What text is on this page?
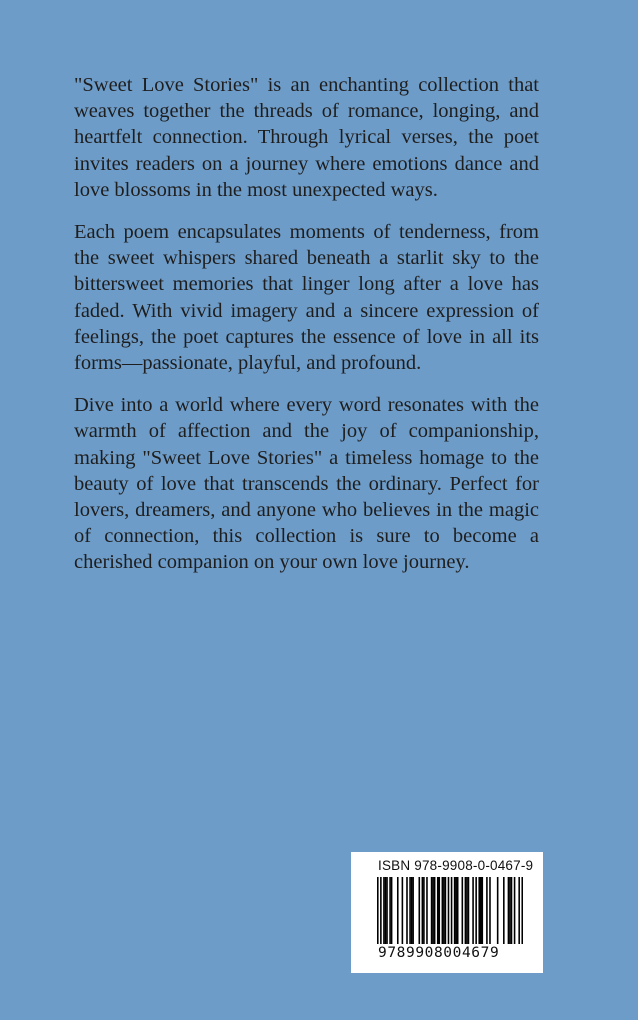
"Sweet Love Stories" is an enchanting collection that weaves together the threads of romance, longing, and heartfelt connection. Through lyrical verses, the poet invites readers on a journey where emotions dance and love blossoms in the most unexpected ways.

Each poem encapsulates moments of tenderness, from the sweet whispers shared beneath a starlit sky to the bittersweet memories that linger long after a love has faded. With vivid imagery and a sincere expression of feelings, the poet captures the essence of love in all its forms—passionate, playful, and profound.

Dive into a world where every word resonates with the warmth of affection and the joy of companionship, making "Sweet Love Stories" a timeless homage to the beauty of love that transcends the ordinary. Perfect for lovers, dreamers, and anyone who believes in the magic of connection, this collection is sure to become a cherished companion on your own love journey.

ISBN 978-9908-0-0467-9
9789908004679
